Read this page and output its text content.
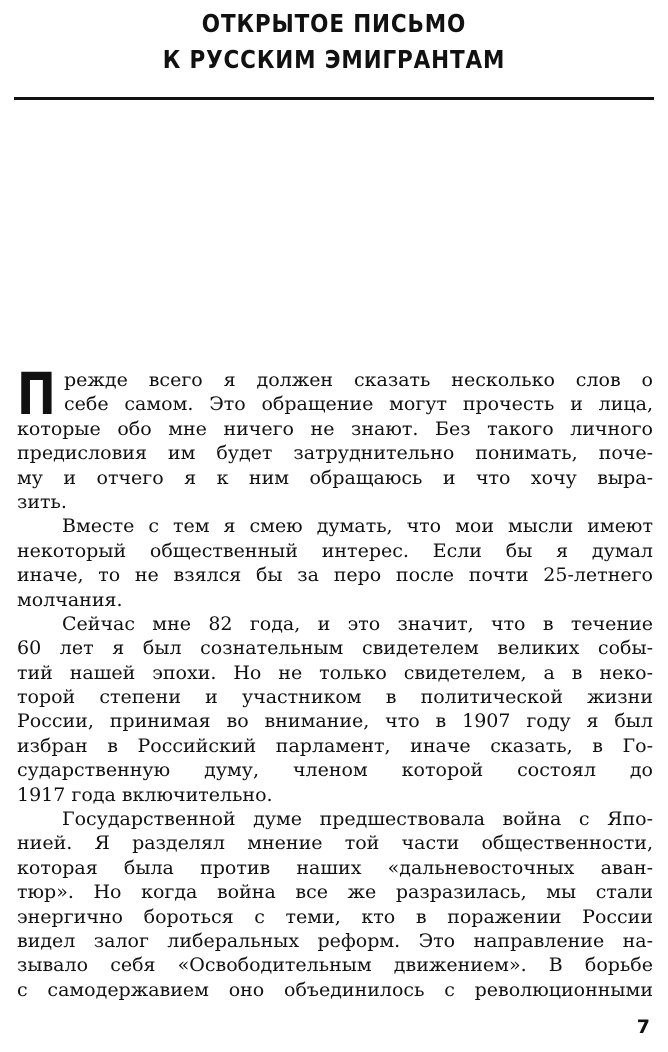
ОТКРЫТОЕ ПИСЬМО
К РУССКИМ ЭМИГРАНТАМ
П режде всего я должен сказать несколько слов о
себе самом. Это обращение могут прочесть и лица,
которые обо мне ничего не знают. Без такого личного
предисловия им будет затруднительно понимать, поче-
му и отчего я к ним обращаюсь и что хочу выра-
зить.
Вместе с тем я смею думать, что мои мысли имеют
некоторый общественный интерес. Если бы я думал
иначе, то не взялся бы за перо после почти 25-летнего
молчания.
Сейчас мне 82 года, и это значит, что в течение
60 лет я был сознательным свидетелем великих собы-
тий нашей эпохи. Но не только свидетелем, а в неко-
торой степени и участником в политической жизни
России, принимая во внимание, что в 1907 году я был
избран в Российский парламент, иначе сказать, в Го-
сударственную думу, членом которой состоял до
1917 года включительно.
Государственной думе предшествовала война с Япо-
нией. Я разделял мнение той части общественности,
которая была против наших «дальневосточных аван-
тюр». Но когда война все же разразилась, мы стали
энергично бороться с теми, кто в поражении России
видел залог либеральных реформ. Это направление на-
зывало себя «Освободительным движением». В борьбе
с самодержавием оно объединилось с революционными
7
